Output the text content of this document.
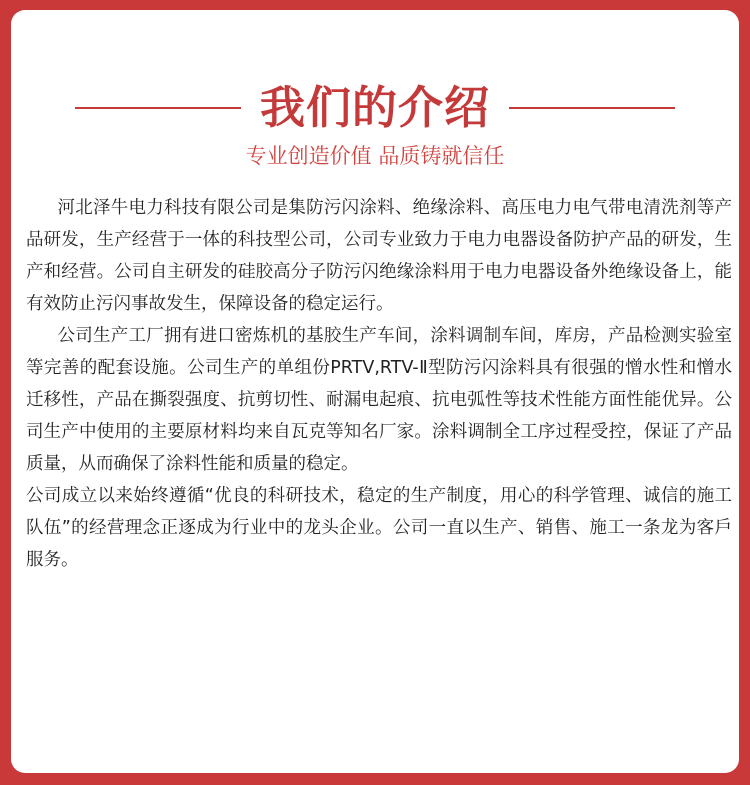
我们的介绍
专业创造价值 品质铸就信任

河北泽牛电力科技有限公司是集防污闪涂料、绝缘涂料、高压电力电气带电清洗剂等产品研发，生产经营于一体的科技型公司，公司专业致力于电力电器设备防护产品的研发，生产和经营。公司自主研发的硅胶高分子防污闪绝缘涂料用于电力电器设备外绝缘设备上，能有效防止污闪事故发生，保障设备的稳定运行。

公司生产工厂拥有进口密炼机的基胶生产车间，涂料调制车间，库房，产品检测实验室等完善的配套设施。公司生产的单组份PRTV,RTV-Ⅱ型防污闪涂料具有很强的憎水性和憎水迁移性，产品在撕裂强度、抗剪切性、耐漏电起痕、抗电弧性等技术性能方面性能优异。公司生产中使用的主要原材料均来自瓦克等知名厂家。涂料调制全工序过程受控，保证了产品质量，从而确保了涂料性能和质量的稳定。

公司成立以来始终遵循“优良的科研技术，稳定的生产制度，用心的科学管理、诚信的施工队伍”的经营理念正逐成为行业中的龙头企业。公司一直以生产、销售、施工一条龙为客戶服务。
